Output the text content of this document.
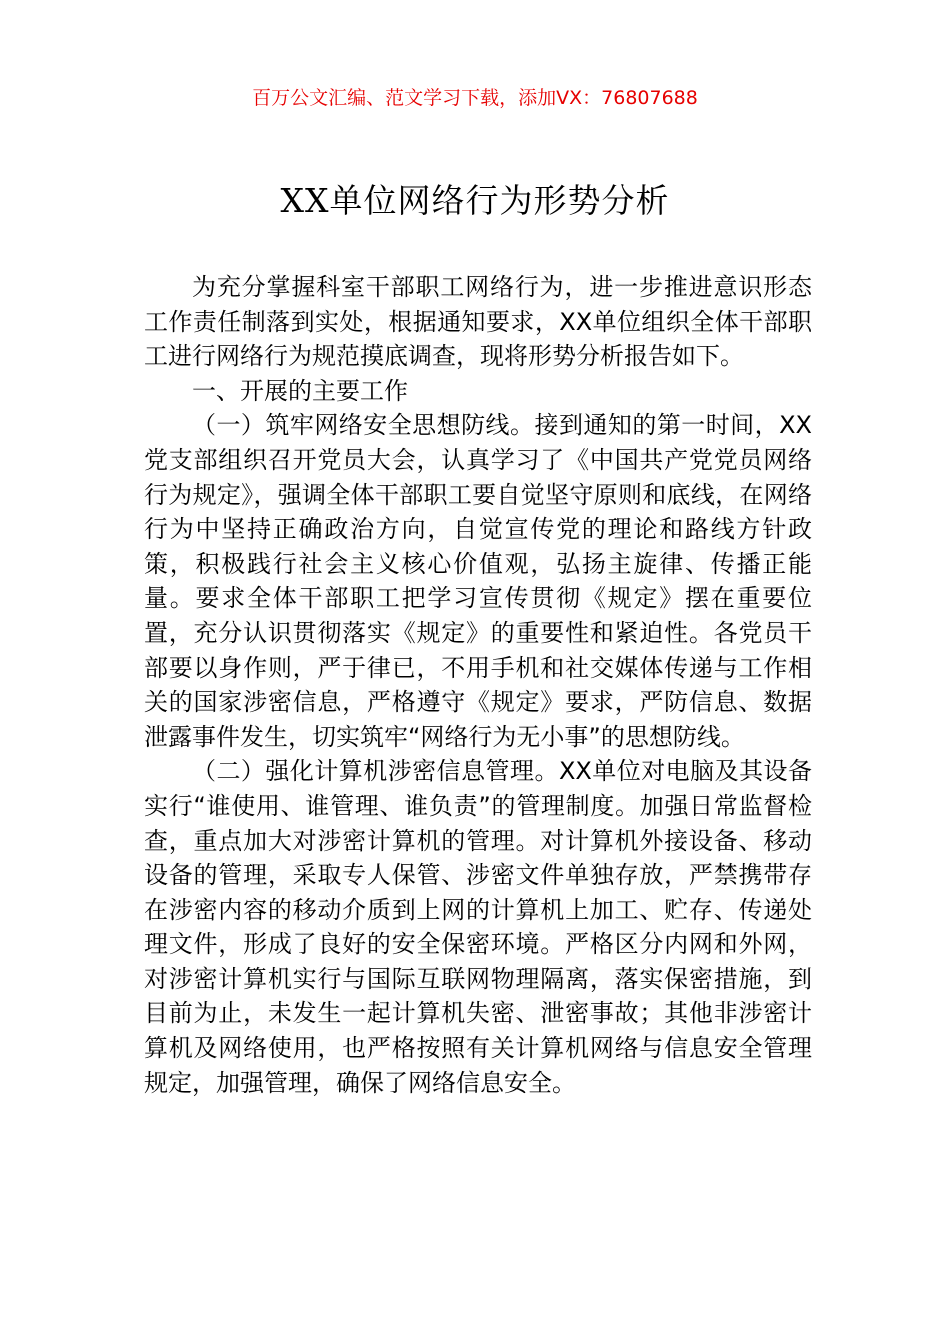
百万公文汇编、范文学习下载，添加VX：76807688
XX单位网络行为形势分析

为充分掌握科室干部职工网络行为，进一步推进意识形态工作责任制落到实处，根据通知要求，XX单位组织全体干部职工进行网络行为规范摸底调查，现将形势分析报告如下。

一、开展的主要工作

（一）筑牢网络安全思想防线。接到通知的第一时间，XX党支部组织召开党员大会，认真学习了《中国共产党党员网络行为规定》，强调全体干部职工要自觉坚守原则和底线，在网络行为中坚持正确政治方向，自觉宣传党的理论和路线方针政策，积极践行社会主义核心价值观，弘扬主旋律、传播正能量。要求全体干部职工把学习宣传贯彻《规定》摆在重要位置，充分认识贯彻落实《规定》的重要性和紧迫性。各党员干部要以身作则，严于律已，不用手机和社交媒体传递与工作相关的国家涉密信息，严格遵守《规定》要求，严防信息、数据泄露事件发生，切实筑牢“网络行为无小事”的思想防线。

（二）强化计算机涉密信息管理。XX单位对电脑及其设备实行“谁使用、谁管理、谁负责”的管理制度。加强日常监督检查，重点加大对涉密计算机的管理。对计算机外接设备、移动设备的管理，采取专人保管、涉密文件单独存放，严禁携带存在涉密内容的移动介质到上网的计算机上加工、贮存、传递处理文件，形成了良好的安全保密环境。严格区分内网和外网，对涉密计算机实行与国际互联网物理隔离，落实保密措施，到目前为止，未发生一起计算机失密、泄密事故；其他非涉密计算机及网络使用，也严格按照有关计算机网络与信息安全管理规定，加强管理，确保了网络信息安全。
